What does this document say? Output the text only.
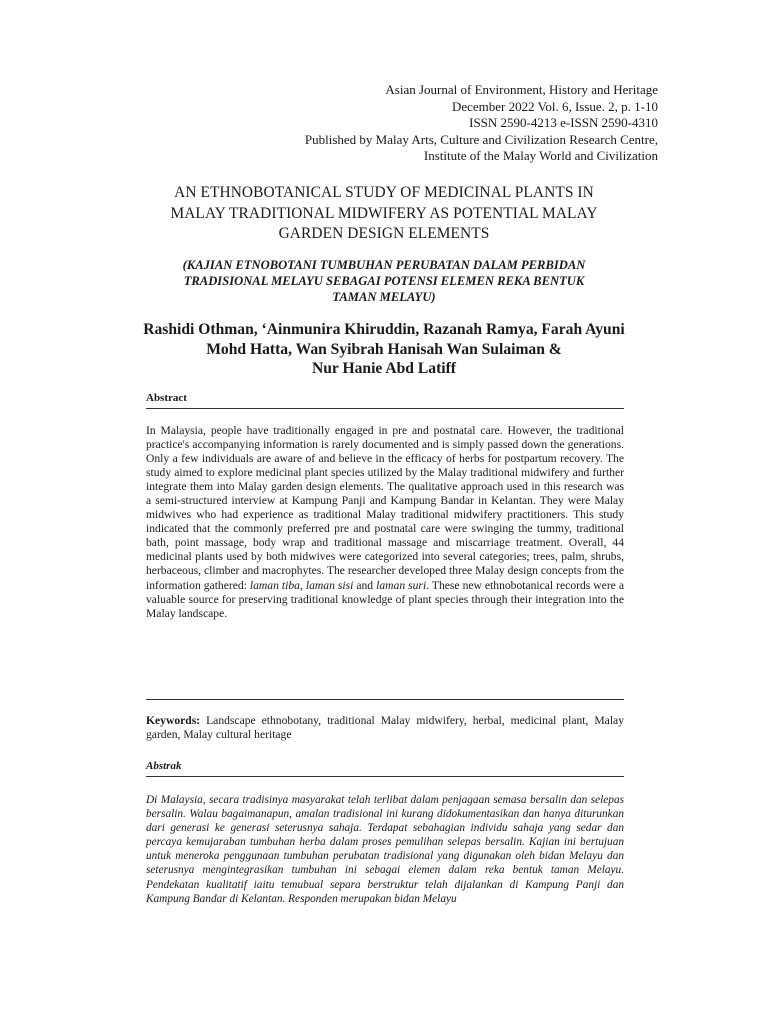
Asian Journal of Environment, History and Heritage
December 2022 Vol. 6, Issue. 2, p. 1-10
ISSN 2590-4213 e-ISSN 2590-4310
Published by Malay Arts, Culture and Civilization Research Centre,
Institute of the Malay World and Civilization
AN ETHNOBOTANICAL STUDY OF MEDICINAL PLANTS IN
MALAY TRADITIONAL MIDWIFERY AS POTENTIAL MALAY
GARDEN DESIGN ELEMENTS
(KAJIAN ETNOBOTANI TUMBUHAN PERUBATAN DALAM PERBIDAN
TRADISIONAL MELAYU SEBAGAI POTENSI ELEMEN REKA BENTUK
TAMAN MELAYU)
Rashidi Othman, ‘Ainmunira Khiruddin, Razanah Ramya, Farah Ayuni
Mohd Hatta, Wan Syibrah Hanisah Wan Sulaiman &
Nur Hanie Abd Latiff
Abstract
In Malaysia, people have traditionally engaged in pre and postnatal care. However, the traditional practice's accompanying information is rarely documented and is simply passed down the generations. Only a few individuals are aware of and believe in the efficacy of herbs for postpartum recovery. The study aimed to explore medicinal plant species utilized by the Malay traditional midwifery and further integrate them into Malay garden design elements. The qualitative approach used in this research was a semi-structured interview at Kampung Panji and Kampung Bandar in Kelantan. They were Malay midwives who had experience as traditional Malay traditional midwifery practitioners. This study indicated that the commonly preferred pre and postnatal care were swinging the tummy, traditional bath, point massage, body wrap and traditional massage and miscarriage treatment. Overall, 44 medicinal plants used by both midwives were categorized into several categories; trees, palm, shrubs, herbaceous, climber and macrophytes. The researcher developed three Malay design concepts from the information gathered: laman tiba, laman sisi and laman suri. These new ethnobotanical records were a valuable source for preserving traditional knowledge of plant species through their integration into the Malay landscape.
Keywords: Landscape ethnobotany, traditional Malay midwifery, herbal, medicinal plant, Malay garden, Malay cultural heritage
Abstrak
Di Malaysia, secara tradisinya masyarakat telah terlibat dalam penjagaan semasa bersalin dan selepas bersalin. Walau bagaimanapun, amalan tradisional ini kurang didokumentasikan dan hanya diturunkan dari generasi ke generasi seterusnya sahaja. Terdapat sebahagian individu sahaja yang sedar dan percaya kemujaraban tumbuhan herba dalam proses pemulihan selepas bersalin. Kajian ini bertujuan untuk meneroka penggunaan tumbuhan perubatan tradisional yang digunakan oleh bidan Melayu dan seterusnya mengintegrasikan tumbuhan ini sebagai elemen dalam reka bentuk taman Melayu. Pendekatan kualitatif iaitu temubual separa berstruktur telah dijalankan di Kampung Panji dan Kampung Bandar di Kelantan. Responden merupakan bidan Melayu
